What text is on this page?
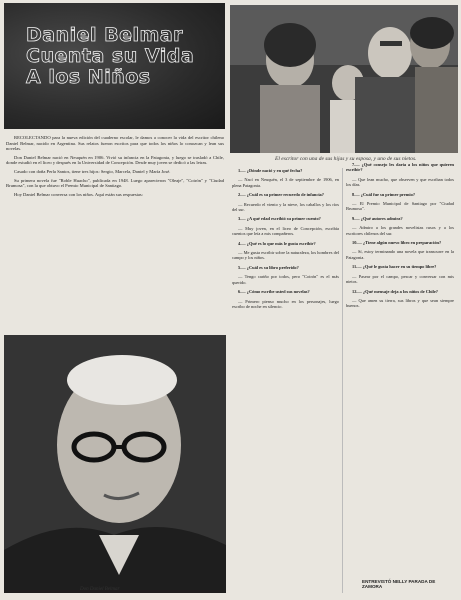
Daniel Belmar
Cuenta su Vida
A los Niños
El escritor con una de sus hijas y su esposa, y uno de sus nietos.

RECOLECTANDO para la nueva edición del cuaderno escolar, le damos a conocer la vida del escritor chileno Daniel Belmar, nacido en Argentina. Sus relatos fueron escritos para que todos los niños lo conozcan y lean sus novelas.

Don Daniel Belmar nació en Neuquén en 1906. Vivió su infancia en la Patagonia, y luego se trasladó a Chile, donde estudió en el liceo y después en la Universidad de Concepción. Desde muy joven se dedicó a las letras.

Casado con doña Perla Santos, tiene tres hijos: Sergio, Marcela, Daniel y María José.

Su primera novela fue "Roble Huacho", publicada en 1948. Luego aparecieron "Oleaje", "Coirón" y "Ciudad Brumosa", con la que obtuvo el Premio Municipal de Santiago.

Hoy Daniel Belmar conversa con los niños. Aquí están sus respuestas:

Don Daniel Belmar

1.— ¿Dónde nació y en qué fecha?

— Nací en Neuquén, el 3 de septiembre de 1906, en plena Patagonia.

2.— ¿Cuál es su primer recuerdo de infancia?

— Recuerdo el viento y la nieve, los caballos y los ríos del sur.

3.— ¿A qué edad escribió su primer cuento?

— Muy joven, en el liceo de Concepción, escribía cuentos que leía a mis compañeros.

4.— ¿Qué es lo que más le gusta escribir?

— Me gusta escribir sobre la naturaleza, los hombres del campo y los niños.

5.— ¿Cuál es su libro preferido?

— Tengo cariño por todos, pero "Coirón" es el más querido.

6.— ¿Cómo escribe usted sus novelas?

— Primero pienso mucho en los personajes, luego escribo de noche en silencio.

7.— ¿Qué consejo les daría a los niños que quieren escribir?

— Que lean mucho, que observen y que escriban todos los días.

8.— ¿Cuál fue su primer premio?

— El Premio Municipal de Santiago por "Ciudad Brumosa".

9.— ¿Qué autores admira?

— Admiro a los grandes novelistas rusos y a los escritores chilenos del sur.

10.— ¿Tiene algún nuevo libro en preparación?

— Sí, estoy terminando una novela que transcurre en la Patagonia.

11.— ¿Qué le gusta hacer en su tiempo libre?

— Pasear por el campo, pescar y conversar con mis nietos.

12.— ¿Qué mensaje deja a los niños de Chile?

— Que amen su tierra, sus libros y que sean siempre buenos.

ENTREVISTÓ NELLY PARADA DE ZAMORA
